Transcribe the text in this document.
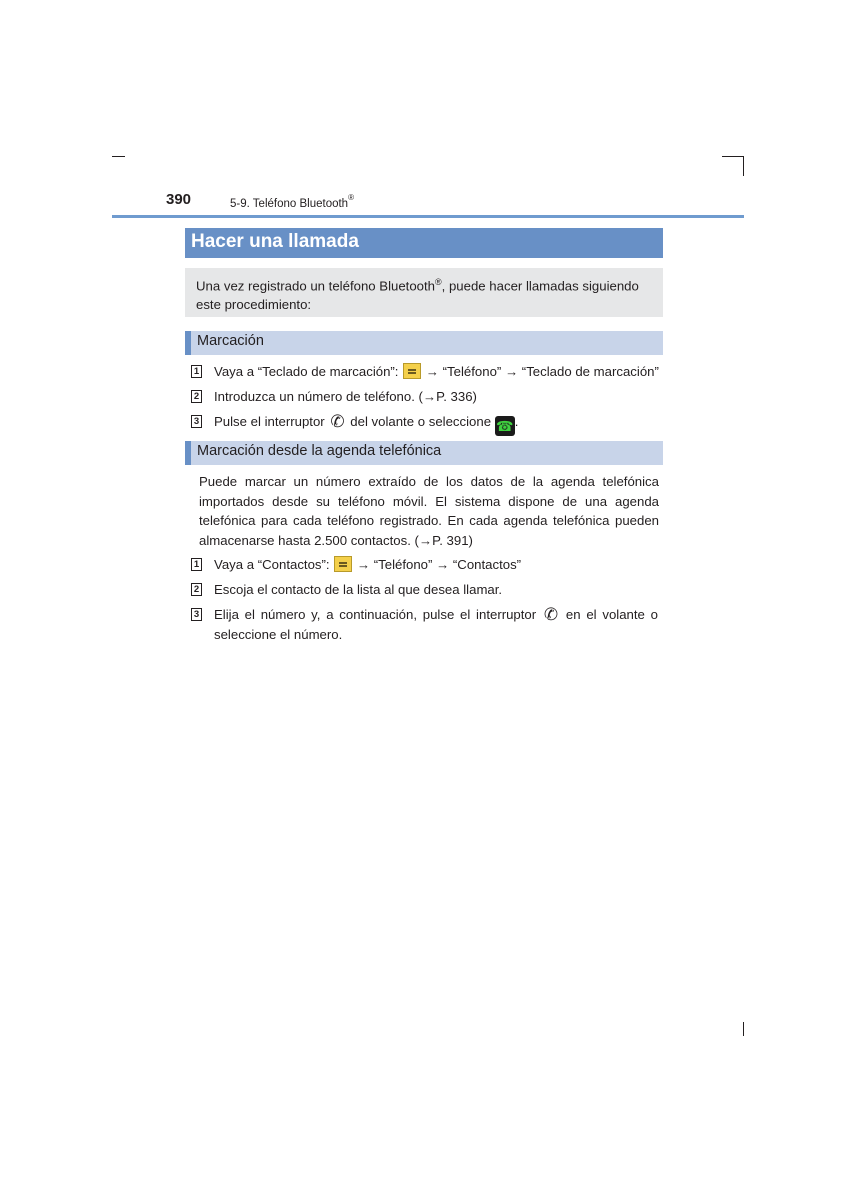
390	5-9. Teléfono Bluetooth®
Hacer una llamada
Una vez registrado un teléfono Bluetooth®, puede hacer llamadas siguiendo este procedimiento:
Marcación
1 Vaya a “Teclado de marcación”:  → “Teléfono” → “Teclado de marcación”
2 Introduzca un número de teléfono. (→P. 336)
3 Pulse el interruptor ✆ del volante o seleccione ☎.
Marcación desde la agenda telefónica
Puede marcar un número extraído de los datos de la agenda telefónica importados desde su teléfono móvil. El sistema dispone de una agenda telefónica para cada teléfono registrado. En cada agenda telefónica pueden almacenarse hasta 2.500 contactos. (→P. 391)
1 Vaya a “Contactos”:  → “Teléfono” → “Contactos”
2 Escoja el contacto de la lista al que desea llamar.
3 Elija el número y, a continuación, pulse el interruptor ✆ en el volante o
seleccione el número.
